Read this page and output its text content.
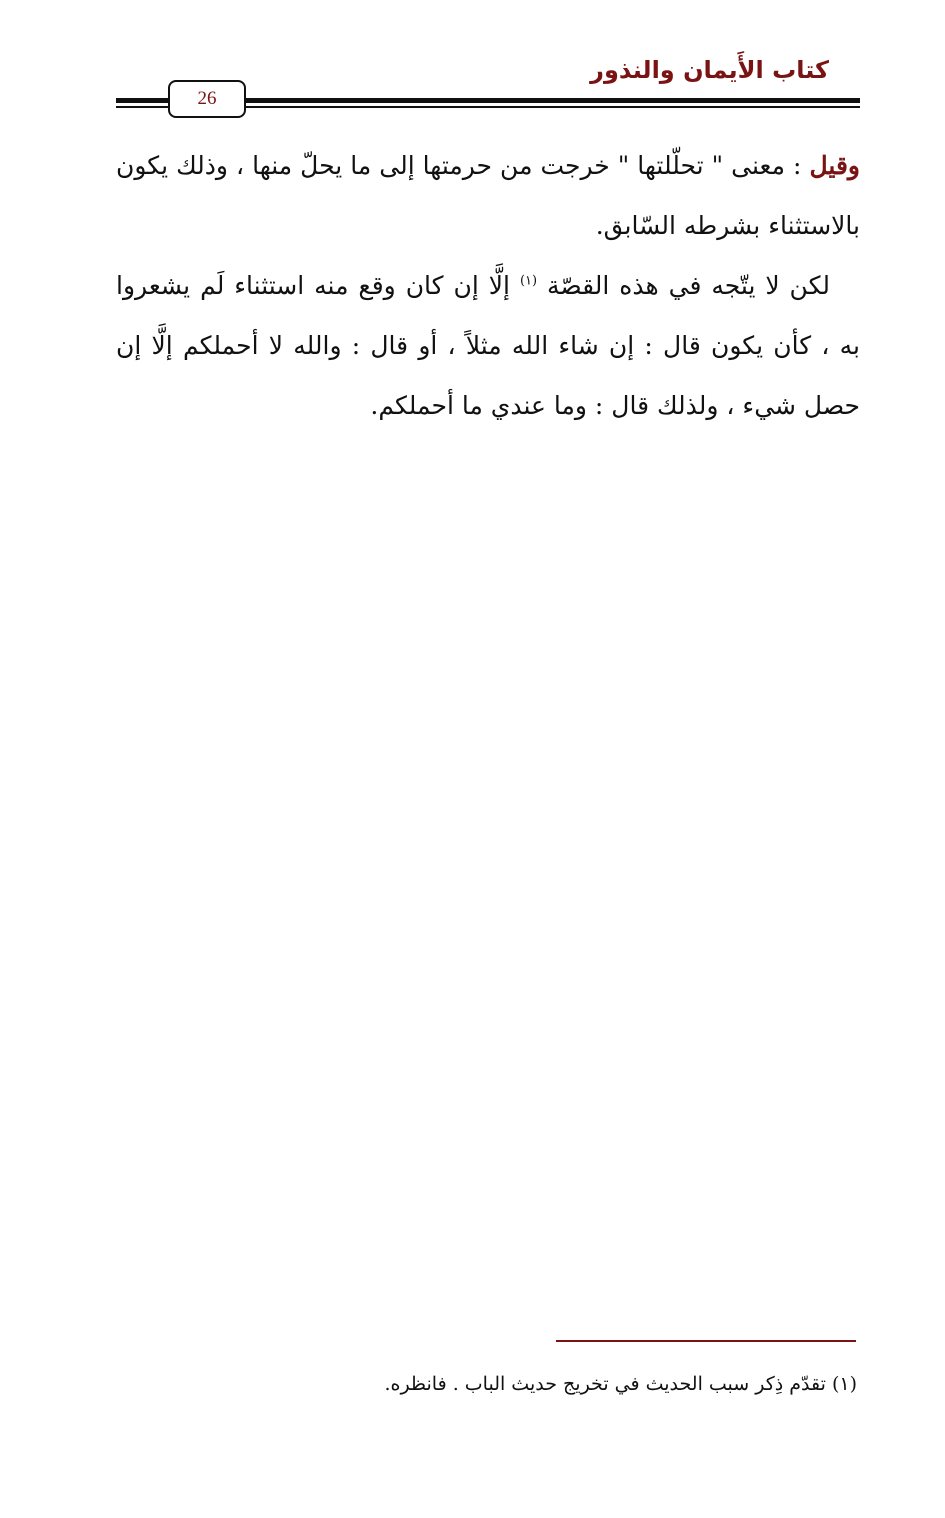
كتاب الأَيمان والنذور
26

وقيل : معنى " تحلّلتها " خرجت من حرمتها إلى ما يحلّ منها ، وذلك يكون بالاستثناء بشرطه السّابق.

لكن لا يتّجه في هذه القصّة $^{(١)}$ إلَّا إن كان وقع منه استثناء لَم يشعروا به ، كأن يكون قال : إن شاء الله مثلاً ، أو قال : والله لا أحملكم إلَّا إن حصل شيء ، ولذلك قال : وما عندي ما أحملكم.

(١) تقدّم ذِكر سبب الحديث في تخريج حديث الباب . فانظره.
